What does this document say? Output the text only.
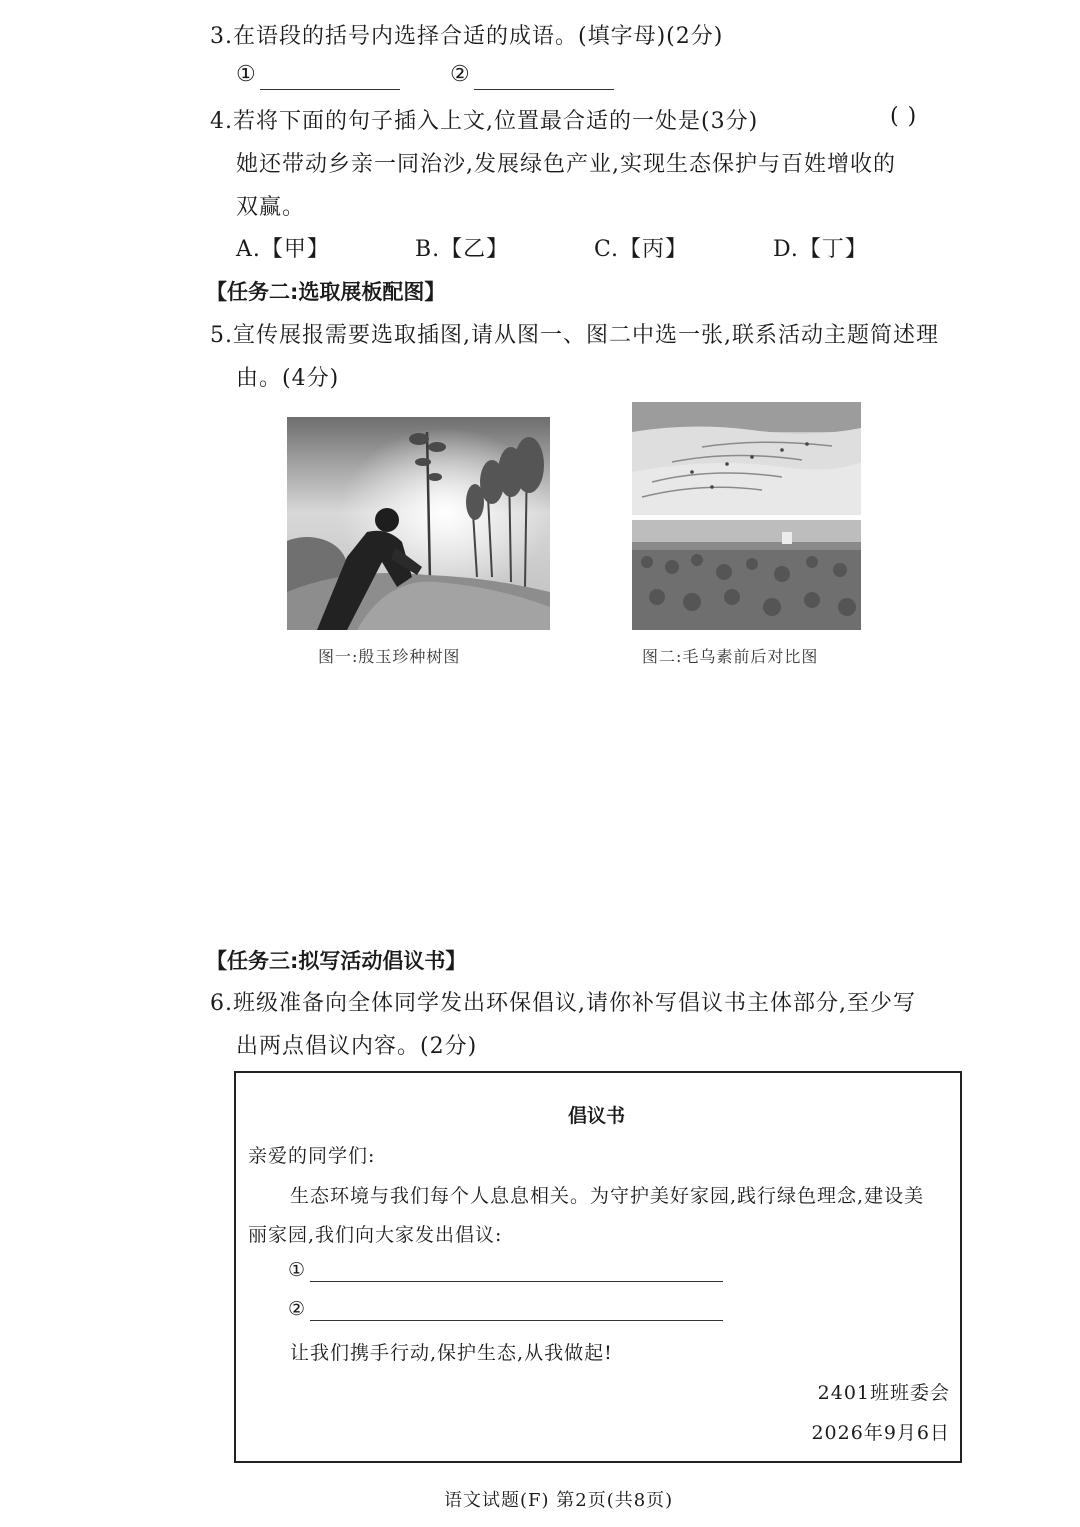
3.在语段的括号内选择合适的成语。(填字母)(2分)
①	②
4.若将下面的句子插入上文,位置最合适的一处是(3分)	( )
她还带动乡亲一同治沙,发展绿色产业,实现生态保护与百姓增收的
双赢。
A.【甲】	B.【乙】	C.【丙】	D.【丁】
【任务二:选取展板配图】
5.宣传展报需要选取插图,请从图一、图二中选一张,联系活动主题简述理
由。(4分)
图一:殷玉珍种树图	图二:毛乌素前后对比图
【任务三:拟写活动倡议书】
6.班级准备向全体同学发出环保倡议,请你补写倡议书主体部分,至少写
出两点倡议内容。(2分)
倡议书
亲爱的同学们:
生态环境与我们每个人息息相关。为守护美好家园,践行绿色理念,建设美
丽家园,我们向大家发出倡议:
①
②
让我们携手行动,保护生态,从我做起!
2401班班委会
2026年9月6日
语文试题(F) 第2页(共8页)
